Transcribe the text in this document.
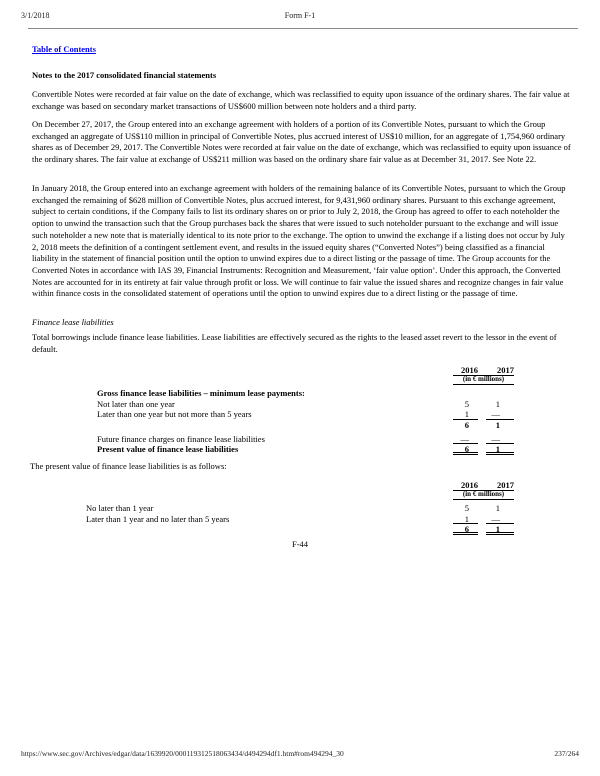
3/1/2018	Form F-1
Table of Contents
Notes to the 2017 consolidated financial statements

Convertible Notes were recorded at fair value on the date of exchange, which was reclassified to equity upon issuance of the ordinary shares. The fair value at exchange was based on secondary market transactions of US$600 million between note holders and a third party.

On December 27, 2017, the Group entered into an exchange agreement with holders of a portion of its Convertible Notes, pursuant to which the Group exchanged an aggregate of US$110 million in principal of Convertible Notes, plus accrued interest of US$10 million, for an aggregate of 1,754,960 ordinary shares as of December 29, 2017. The Convertible Notes were recorded at fair value on the date of exchange, which was reclassified to equity upon issuance of the ordinary shares. The fair value at exchange of US$211 million was based on the ordinary share fair value as at December 31, 2017. See Note 22.

In January 2018, the Group entered into an exchange agreement with holders of the remaining balance of its Convertible Notes, pursuant to which the Group exchanged the remaining of $628 million of Convertible Notes, plus accrued interest, for 9,431,960 ordinary shares. Pursuant to this exchange agreement, subject to certain conditions, if the Company fails to list its ordinary shares on or prior to July 2, 2018, the Group has agreed to offer to each noteholder the option to unwind the transaction such that the Group purchases back the shares that were issued to such noteholder pursuant to the exchange and will issue such noteholder a new note that is materially identical to its note prior to the exchange. The option to unwind the exchange if a listing does not occur by July 2, 2018 meets the definition of a contingent settlement event, and results in the issued equity shares (“Converted Notes”) being classified as a financial liability in the statement of financial position until the option to unwind expires due to a direct listing or the passage of time. The Group accounts for the Converted Notes in accordance with IAS 39, Financial Instruments: Recognition and Measurement, ‘fair value option’. Under this approach, the Converted Notes are accounted for in its entirety at fair value through profit or loss. We will continue to fair value the issued shares and recognize changes in fair value within finance costs in the consolidated statement of operations until the option to unwind expires due to a direct listing or the passage of time.

Finance lease liabilities

Total borrowings include finance lease liabilities. Lease liabilities are effectively secured as the rights to the leased asset revert to the lessor in the event of default.

2016	2017
(in € millions)
Gross finance lease liabilities – minimum lease payments:
Not later than one year	5	1
Later than one year but not more than 5 years	1	—
6	1
Future finance charges on finance lease liabilities	—	—
Present value of finance lease liabilities	6	1

The present value of finance lease liabilities is as follows:

2016	2017
(in € millions)
No later than 1 year	5	1
Later than 1 year and no later than 5 years	1	—
6	1
F-44
https://www.sec.gov/Archives/edgar/data/1639920/000119312518063434/d494294df1.htm#rom494294_30	237/264
